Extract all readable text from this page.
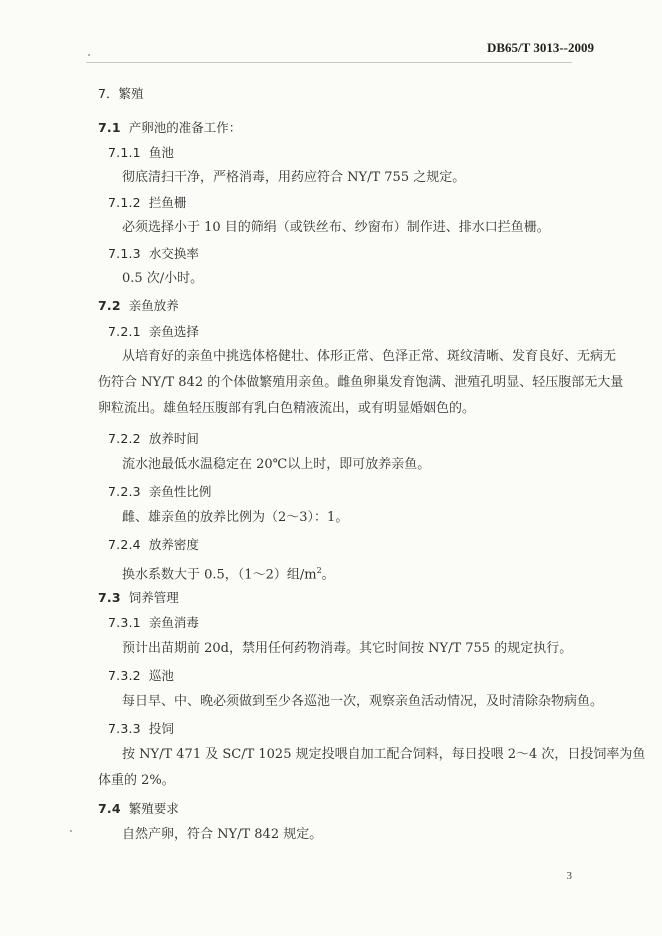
DB65/T 3013--2009
7．繁殖
7.1 产卵池的准备工作：
7.1.1 鱼池
彻底清扫干净，严格消毒，用药应符合 NY/T 755 之规定。
7.1.2 拦鱼栅
必须选择小于 10 目的筛绢（或铁丝布、纱窗布）制作进、排水口拦鱼栅。
7.1.3 水交换率
0.5 次/小时。
7.2 亲鱼放养
7.2.1 亲鱼选择
从培育好的亲鱼中挑选体格健壮、体形正常、色泽正常、斑纹清晰、发育良好、无病无
伤符合 NY/T 842 的个体做繁殖用亲鱼。雌鱼卵巢发育饱满、泄殖孔明显、轻压腹部无大量
卵粒流出。雄鱼轻压腹部有乳白色精液流出，或有明显婚姻色的。
7.2.2 放养时间
流水池最低水温稳定在 20℃以上时，即可放养亲鱼。
7.2.3 亲鱼性比例
雌、雄亲鱼的放养比例为（2～3）：1。
7.2.4 放养密度
换水系数大于 0.5，（1～2）组$/m^2$。
7.3 饲养管理
7.3.1 亲鱼消毒
预计出苗期前 20d，禁用任何药物消毒。其它时间按 NY/T 755 的规定执行。
7.3.2 巡池
每日早、中、晚必须做到至少各巡池一次，观察亲鱼活动情况，及时清除杂物病鱼。
7.3.3 投饲
按 NY/T 471 及 SC/T 1025 规定投喂自加工配合饲料，每日投喂 2～4 次，日投饲率为鱼
体重的 2%。
7.4 繁殖要求
自然产卵，符合 NY/T 842 规定。
3
